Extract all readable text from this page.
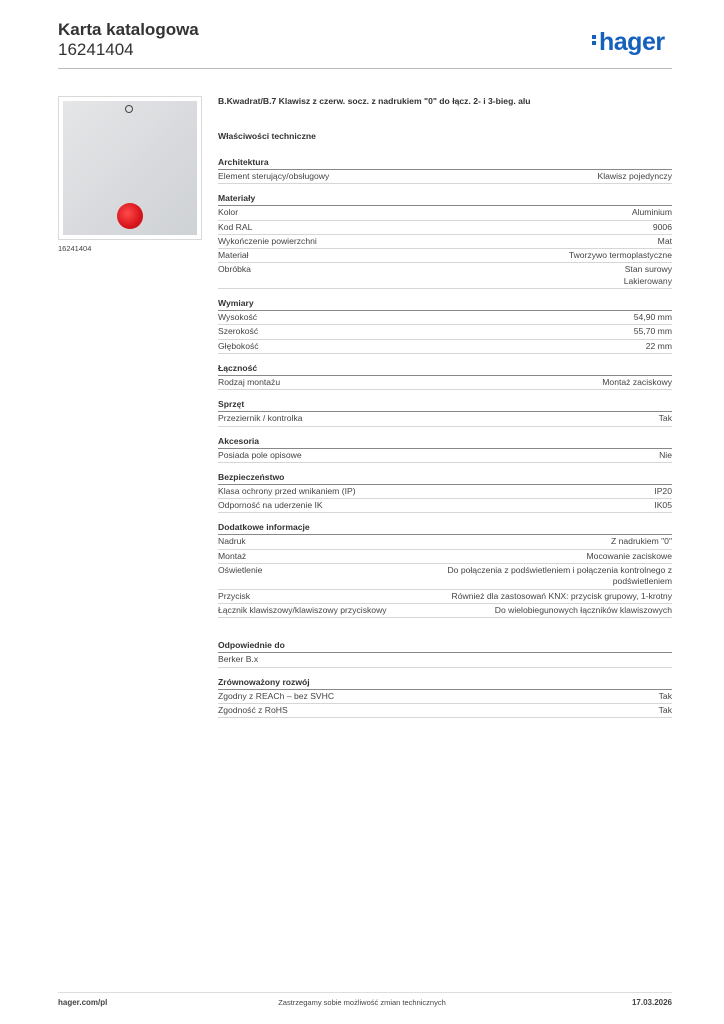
Karta katalogowa
16241404	hager
16241404
B.Kwadrat/B.7 Klawisz z czerw. socz. z nadrukiem "0" do łącz. 2- i 3-bieg. alu
Właściwości techniczne
Architektura
Element sterujący/obsługowy	Klawisz pojedynczy
Materiały
Kolor	Aluminium
Kod RAL	9006
Wykończenie powierzchni	Mat
Materiał	Tworzywo termoplastyczne
Obróbka	Stan surowy
Lakierowany
Wymiary
Wysokość	54,90 mm
Szerokość	55,70 mm
Głębokość	22 mm
Łączność
Rodzaj montażu	Montaż zaciskowy
Sprzęt
Przeziernik / kontrolka	Tak
Akcesoria
Posiada pole opisowe	Nie
Bezpieczeństwo
Klasa ochrony przed wnikaniem (IP)	IP20
Odporność na uderzenie IK	IK05
Dodatkowe informacje
Nadruk	Z nadrukiem "0"
Montaż	Mocowanie zaciskowe
Oświetlenie	Do połączenia z podświetleniem i połączenia kontrolnego z
podświetleniem
Przycisk	Również dla zastosowań KNX: przycisk grupowy, 1-krotny
Łącznik klawiszowy/klawiszowy przyciskowy	Do wielobiegunowych łączników klawiszowych
Odpowiednie do
Berker B.x
Zrównoważony rozwój
Zgodny z REACh – bez SVHC	Tak
Zgodność z RoHS	Tak
hager.com/pl	Zastrzegamy sobie możliwość zmian technicznych	17.03.2026
